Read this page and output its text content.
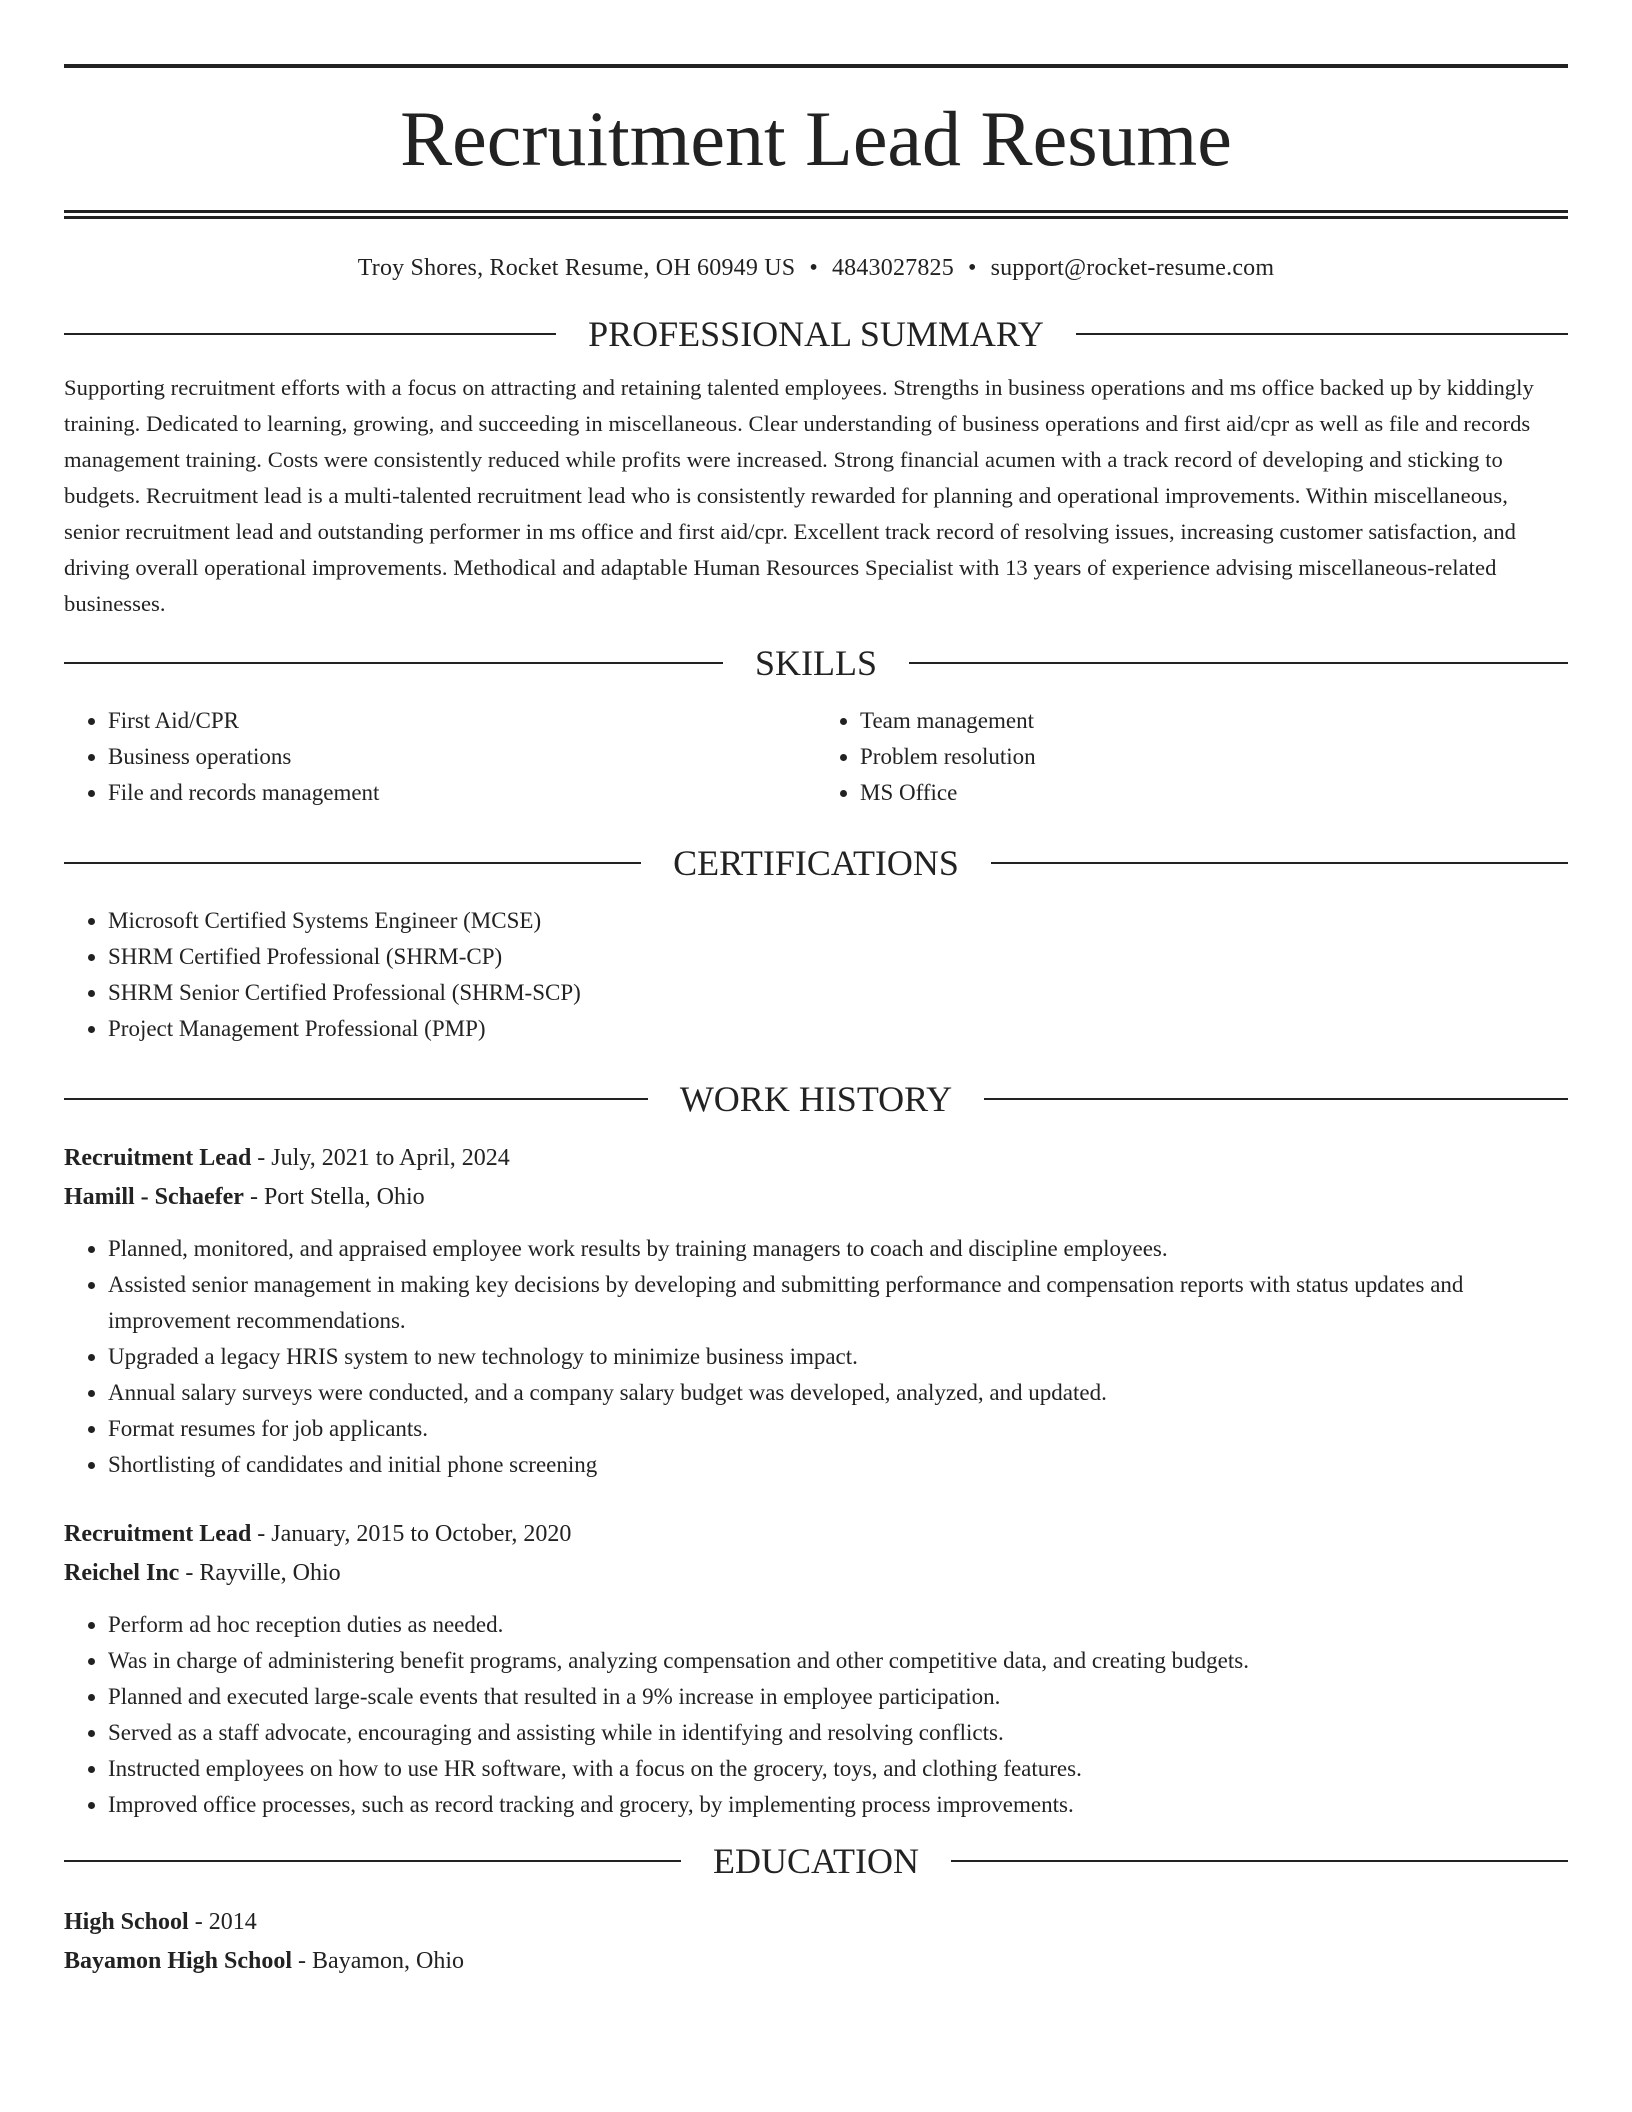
Recruitment Lead Resume
Troy Shores, Rocket Resume, OH 60949 US • 4843027825 • support@rocket-resume.com
PROFESSIONAL SUMMARY

Supporting recruitment efforts with a focus on attracting and retaining talented employees. Strengths in business operations and ms office backed up by kiddingly training. Dedicated to learning, growing, and succeeding in miscellaneous. Clear understanding of business operations and first aid/cpr as well as file and records management training. Costs were consistently reduced while profits were increased. Strong financial acumen with a track record of developing and sticking to budgets. Recruitment lead is a multi-talented recruitment lead who is consistently rewarded for planning and operational improvements. Within miscellaneous, senior recruitment lead and outstanding performer in ms office and first aid/cpr. Excellent track record of resolving issues, increasing customer satisfaction, and driving overall operational improvements. Methodical and adaptable Human Resources Specialist with 13 years of experience advising miscellaneous-related businesses.

SKILLS
• First Aid/CPR
• Business operations
• File and records management
• Team management
• Problem resolution
• MS Office
CERTIFICATIONS
• Microsoft Certified Systems Engineer (MCSE)
• SHRM Certified Professional (SHRM-CP)
• SHRM Senior Certified Professional (SHRM-SCP)
• Project Management Professional (PMP)
WORK HISTORY
Recruitment Lead - July, 2021 to April, 2024
Hamill - Schaefer - Port Stella, Ohio
• Planned, monitored, and appraised employee work results by training managers to coach and discipline employees.
• Assisted senior management in making key decisions by developing and submitting performance and compensation reports with status updates and improvement recommendations.
• Upgraded a legacy HRIS system to new technology to minimize business impact.
• Annual salary surveys were conducted, and a company salary budget was developed, analyzed, and updated.
• Format resumes for job applicants.
• Shortlisting of candidates and initial phone screening
Recruitment Lead - January, 2015 to October, 2020
Reichel Inc - Rayville, Ohio
• Perform ad hoc reception duties as needed.
• Was in charge of administering benefit programs, analyzing compensation and other competitive data, and creating budgets.
• Planned and executed large-scale events that resulted in a 9% increase in employee participation.
• Served as a staff advocate, encouraging and assisting while in identifying and resolving conflicts.
• Instructed employees on how to use HR software, with a focus on the grocery, toys, and clothing features.
• Improved office processes, such as record tracking and grocery, by implementing process improvements.
EDUCATION
High School - 2014
Bayamon High School - Bayamon, Ohio
